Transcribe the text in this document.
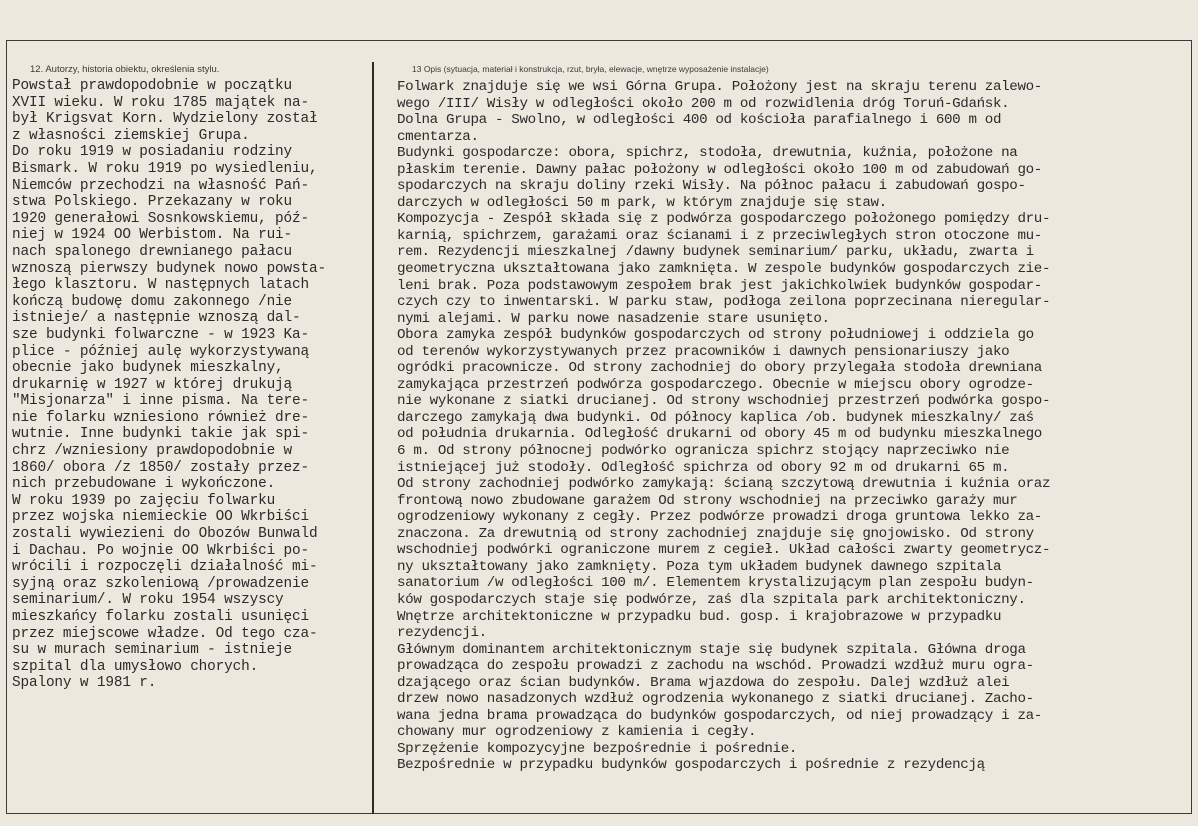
12. Autorzy, historia obiektu, określenia stylu.	13 Opis (sytuacja, materiał i konstrukcja, rzut, bryła, elewacje, wnętrze wyposażenie instalacje)
Powstał prawdopodobnie w początku
XVII wieku. W roku 1785 majątek na-
był Krigsvat Korn. Wydzielony został
z własności ziemskiej Grupa.
Do roku 1919 w posiadaniu rodziny
Bismark. W roku 1919 po wysiedleniu,
Niemców przechodzi na własność Pań-
stwa Polskiego. Przekazany w roku
1920 generałowi Sosnkowskiemu, póź-
niej w 1924 OO Werbistom. Na rui-
nach spalonego drewnianego pałacu
wznoszą pierwszy budynek nowo powsta-
łego klasztoru. W następnych latach
kończą budowę domu zakonnego /nie
istnieje/ a następnie wznoszą dal-
sze budynki folwarczne - w 1923 Ka-
plice - później aulę wykorzystywaną
obecnie jako budynek mieszkalny,
drukarnię w 1927 w której drukują
"Misjonarza" i inne pisma. Na tere-
nie folarku wzniesiono również dre-
wutnie. Inne budynki takie jak spi-
chrz /wzniesiony prawdopodobnie w
1860/ obora /z 1850/ zostały przez-
nich przebudowane i wykończone.
W roku 1939 po zajęciu folwarku
przez wojska niemieckie OO Wkrbiści
zostali wywiezieni do Obozów Bunwald
i Dachau. Po wojnie OO Wkrbiści po-
wrócili i rozpoczęli działalność mi-
syjną oraz szkoleniową /prowadzenie
seminarium/. W roku 1954 wszyscy
mieszkańcy folarku zostali usunięci
przez miejscowe władze. Od tego cza-
su w murach seminarium - istnieje
szpital dla umysłowo chorych.
Spalony w 1981 r.
Folwark znajduje się we wsi Górna Grupa. Położony jest na skraju terenu zalewo-
wego /III/ Wisły w odległości około 200 m od rozwidlenia dróg Toruń-Gdańsk.
Dolna Grupa - Swolno, w odległości 400 od kościoła parafialnego i 600 m od
cmentarza.
Budynki gospodarcze: obora, spichrz, stodoła, drewutnia, kuźnia, położone na
płaskim terenie. Dawny pałac położony w odległości około 100 m od zabudowań go-
spodarczych na skraju doliny rzeki Wisły. Na północ pałacu i zabudowań gospo-
darczych w odległości 50 m park, w którym znajduje się staw.
Kompozycja - Zespół składa się z podwórza gospodarczego położonego pomiędzy dru-
karnią, spichrzem, garażami oraz ścianami i z przeciwległych stron otoczone mu-
rem. Rezydencji mieszkalnej /dawny budynek seminarium/ parku, układu, zwarta i
geometryczna ukształtowana jako zamknięta. W zespole budynków gospodarczych zie-
leni brak. Poza podstawowym zespołem brak jest jakichkolwiek budynków gospodar-
czych czy to inwentarski. W parku staw, podłoga zeilona poprzecinana nieregular-
nymi alejami. W parku nowe nasadzenie stare usunięto.
Obora zamyka zespół budynków gospodarczych od strony południowej i oddziela go
od terenów wykorzystywanych przez pracowników i dawnych pensionariuszy jako
ogródki pracownicze. Od strony zachodniej do obory przylegała stodoła drewniana
zamykająca przestrzeń podwórza gospodarczego. Obecnie w miejscu obory ogrodze-
nie wykonane z siatki drucianej. Od strony wschodniej przestrzeń podwórka gospo-
darczego zamykają dwa budynki. Od północy kaplica /ob. budynek mieszkalny/ zaś
od południa drukarnia. Odległość drukarni od obory 45 m od budynku mieszkalnego
6 m. Od strony północnej podwórko ogranicza spichrz stojący naprzeciwko nie
istniejącej już stodoły. Odległość spichrza od obory 92 m od drukarni 65 m.
Od strony zachodniej podwórko zamykają: ścianą szczytową drewutnia i kuźnia oraz
frontową nowo zbudowane garażem Od strony wschodniej na przeciwko garaży mur
ogrodzeniowy wykonany z cegły. Przez podwórze prowadzi droga gruntowa lekko za-
znaczona. Za drewutnią od strony zachodniej znajduje się gnojowisko. Od strony
wschodniej podwórki ograniczone murem z cegieł. Układ całości zwarty geometrycz-
ny ukształtowany jako zamknięty. Poza tym układem budynek dawnego szpitala
sanatorium /w odległości 100 m/. Elementem krystalizującym plan zespołu budyn-
ków gospodarczych staje się podwórze, zaś dla szpitala park architektoniczny.
Wnętrze architektoniczne w przypadku bud. gosp. i krajobrazowe w przypadku
rezydencji.
Głównym dominantem architektonicznym staje się budynek szpitala. Główna droga
prowadząca do zespołu prowadzi z zachodu na wschód. Prowadzi wzdłuż muru ogra-
dzającego oraz ścian budynków. Brama wjazdowa do zespołu. Dalej wzdłuż alei
drzew nowo nasadzonych wzdłuż ogrodzenia wykonanego z siatki drucianej. Zacho-
wana jedna brama prowadząca do budynków gospodarczych, od niej prowadzący i za-
chowany mur ogrodzeniowy z kamienia i cegły.
Sprzężenie kompozycyjne bezpośrednie i pośrednie.
Bezpośrednie w przypadku budynków gospodarczych i pośrednie z rezydencją
